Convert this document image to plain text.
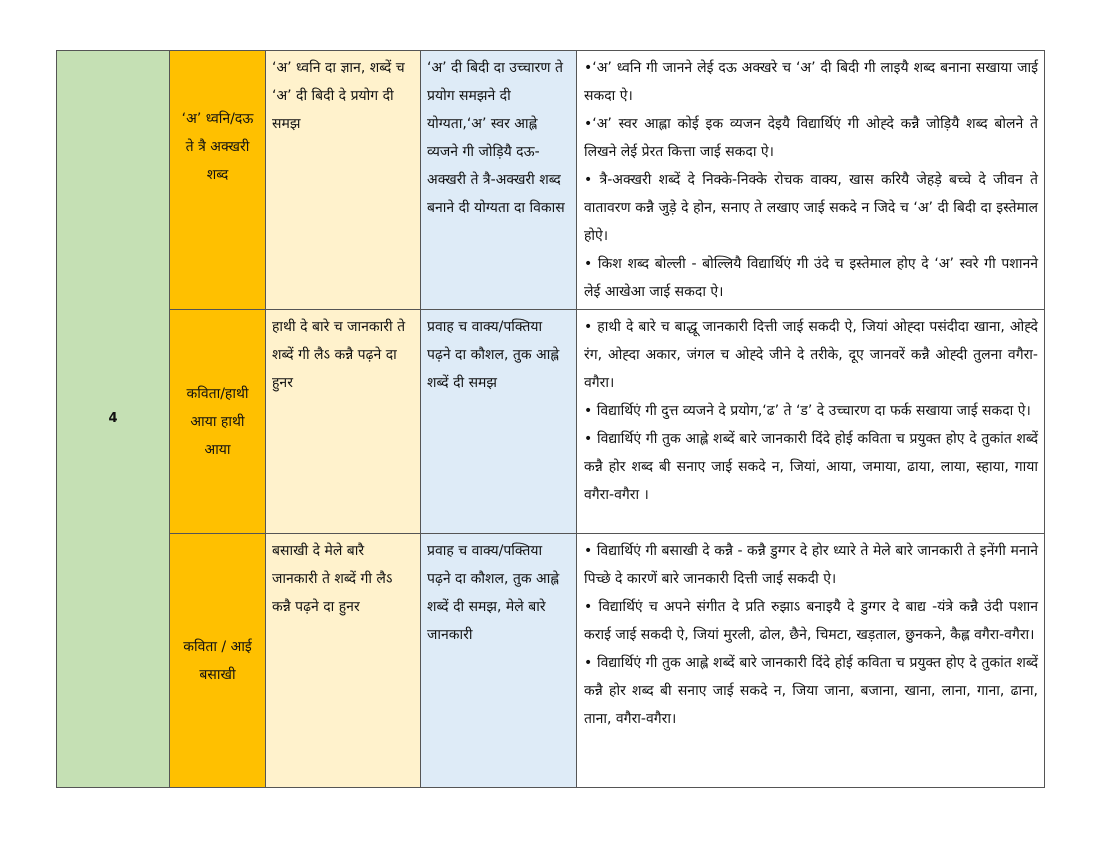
4	‘अ’ ध्वनि/दऊ ते त्रै अक्खरी शब्द	‘अ’ ध्वनि दा ज्ञान, शब्दें च ‘अ’ दी बिदी दे प्रयोग दी समझ	‘अ’ दी बिदी दा उच्चारण ते प्रयोग समझने दी योग्यता,‘अ’ स्वर आह्ले व्यजने गी जोड़ियै दऊ-अक्खरी ते त्रै-अक्खरी शब्द बनाने दी योग्यता दा विकास	•‘अ’ ध्वनि गी जानने लेई दऊ अक्खरे च ‘अ’ दी बिदी गी लाइयै शब्द बनाना सखाया जाई सकदा ऐ।
•‘अ’ स्वर आह्ला कोई इक व्यजन देइयै विद्यार्थिएं गी ओह्दे कन्नै जोड़ियै शब्द बोलने ते लिखने लेई प्रेरत कित्ता जाई सकदा ऐ।
• त्रै-अक्खरी शब्दें दे निक्के-निक्के रोचक वाक्य, खास करियै जेहड़े बच्चे दे जीवन ते वातावरण कन्नै जुड़े दे होन, सनाए ते लखाए जाई सकदे न जिदे च ‘अ’ दी बिदी दा इस्तेमाल होऐ।
• किश शब्द बोल्ली - बोल्लियै विद्यार्थिएं गी उंदे च इस्तेमाल होए दे ‘अ’ स्वरे गी पशानने लेई आखेआ जाई सकदा ऐ।

	कविता/हाथी आया हाथी आया	हाथी दे बारे च जानकारी ते शब्दें गी लैऽ कन्नै पढ़ने दा हुनर	प्रवाह च वाक्य/पक्तिया पढ़ने दा कौशल, तुक आह्ले शब्दें दी समझ	• हाथी दे बारे च बाद्धू जानकारी दित्ती जाई सकदी ऐ, जियां ओह्दा पसंदीदा खाना, ओह्दे रंग, ओह्दा अकार, जंगल च ओह्दे जीने दे तरीके, दूए जानवरें कन्नै ओह्दी तुलना वगैरा-वगैरा।
• विद्यार्थिएं गी दुत्त व्यजने दे प्रयोग,‘ढ’ ते ‘ड’ दे उच्चारण दा फर्क सखाया जाई सकदा ऐ।
• विद्यार्थिएं गी तुक आह्ले शब्दें बारे जानकारी दिंदे होई कविता च प्रयुक्त होए दे तुकांत शब्दें कन्नै होर शब्द बी सनाए जाई सकदे न, जियां, आया, जमाया, ढाया, लाया, स्हाया, गाया वगैरा-वगैरा ।

	कविता / आई बसाखी	बसाखी दे मेले बारै जानकारी ते शब्दें गी लैऽ कन्नै पढ़ने दा हुनर	प्रवाह च वाक्य/पक्तिया पढ़ने दा कौशल, तुक आह्ले शब्दें दी समझ, मेले बारे जानकारी	• विद्यार्थिएं गी बसाखी दे कन्नै - कन्नै डुग्गर दे होर ध्यारे ते मेले बारे जानकारी ते इनेंगी मनाने पिच्छे दे कारणें बारे जानकारी दित्ती जाई सकदी ऐ।
• विद्यार्थिएं च अपने संगीत दे प्रति रुझाऽ बनाइयै दे डुग्गर दे बाद्य -यंत्रे कन्नै उंदी पशान कराई जाई सकदी ऐ, जियां मुरली, ढोल, छैने, चिमटा, खड़ताल, छुनकने, कैह्ल वगैरा-वगैरा।
• विद्यार्थिएं गी तुक आह्ले शब्दें बारे जानकारी दिंदे होई कविता च प्रयुक्त होए दे तुकांत शब्दें कन्नै होर शब्द बी सनाए जाई सकदे न, जिया जाना, बजाना, खाना, लाना, गाना, ढाना, ताना, वगैरा-वगैरा।
